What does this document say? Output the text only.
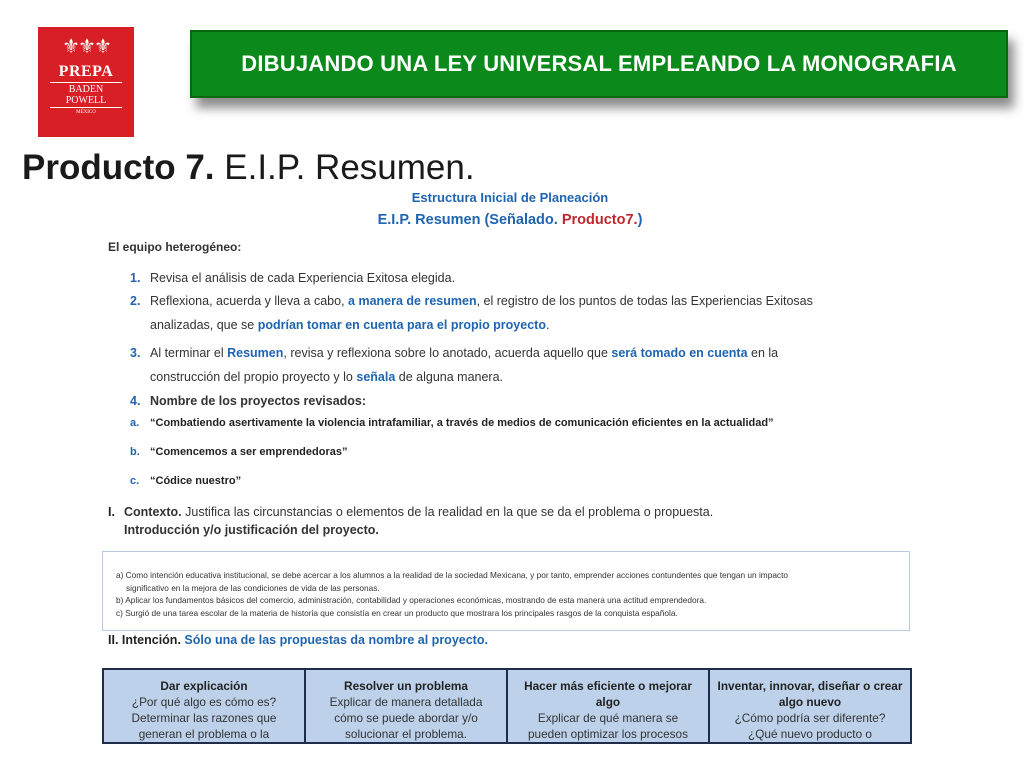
⚜⚜⚜
PREPA
BADEN POWELL
MÉXICO
DIBUJANDO UNA LEY UNIVERSAL EMPLEANDO LA MONOGRAFIA
Producto 7. E.I.P. Resumen.
Estructura Inicial de Planeación
E.I.P. Resumen (Señalado. Producto7.)
El equipo heterogéneo:
1. Revisa el análisis de cada Experiencia Exitosa elegida.
2. Reflexiona, acuerda y lleva a cabo, a manera de resumen, el registro de los puntos de todas las Experiencias Exitosas
analizadas, que se podrían tomar en cuenta para el propio proyecto.
3. Al terminar el Resumen, revisa y reflexiona sobre lo anotado, acuerda aquello que será tomado en cuenta en la
construcción del propio proyecto y lo señala de alguna manera.
4. Nombre de los proyectos revisados:
a. “Combatiendo asertivamente la violencia intrafamiliar, a través de medios de comunicación eficientes en la actualidad”
b. “Comencemos a ser emprendedoras”
c. “Códice nuestro”
I. Contexto. Justifica las circunstancias o elementos de la realidad en la que se da el problema o propuesta.
Introducción y/o justificación del proyecto.
a) Como intención educativa institucional, se debe acercar a los alumnos a la realidad de la sociedad Mexicana, y por tanto, emprender acciones contundentes que tengan un impacto
significativo en la mejora de las condiciones de vida de las personas.
b) Aplicar los fundamentos básicos del comercio, administración, contabilidad y operaciones económicas, mostrando de esta manera una actitud emprendedora.
c) Surgió de una tarea escolar de la materia de historia que consistía en crear un producto que mostrara los principales rasgos de la conquista española.
II. Intención. Sólo una de las propuestas da nombre al proyecto.
Dar explicación
¿Por qué algo es cómo es?
Determinar las razones que
generan el problema o la

Resolver un problema
Explicar de manera detallada
cómo se puede abordar y/o
solucionar el problema.

Hacer más eficiente o mejorar
algo
Explicar de qué manera se
pueden optimizar los procesos

Inventar, innovar, diseñar o crear
algo nuevo
¿Cómo podría ser diferente?
¿Qué nuevo producto o
